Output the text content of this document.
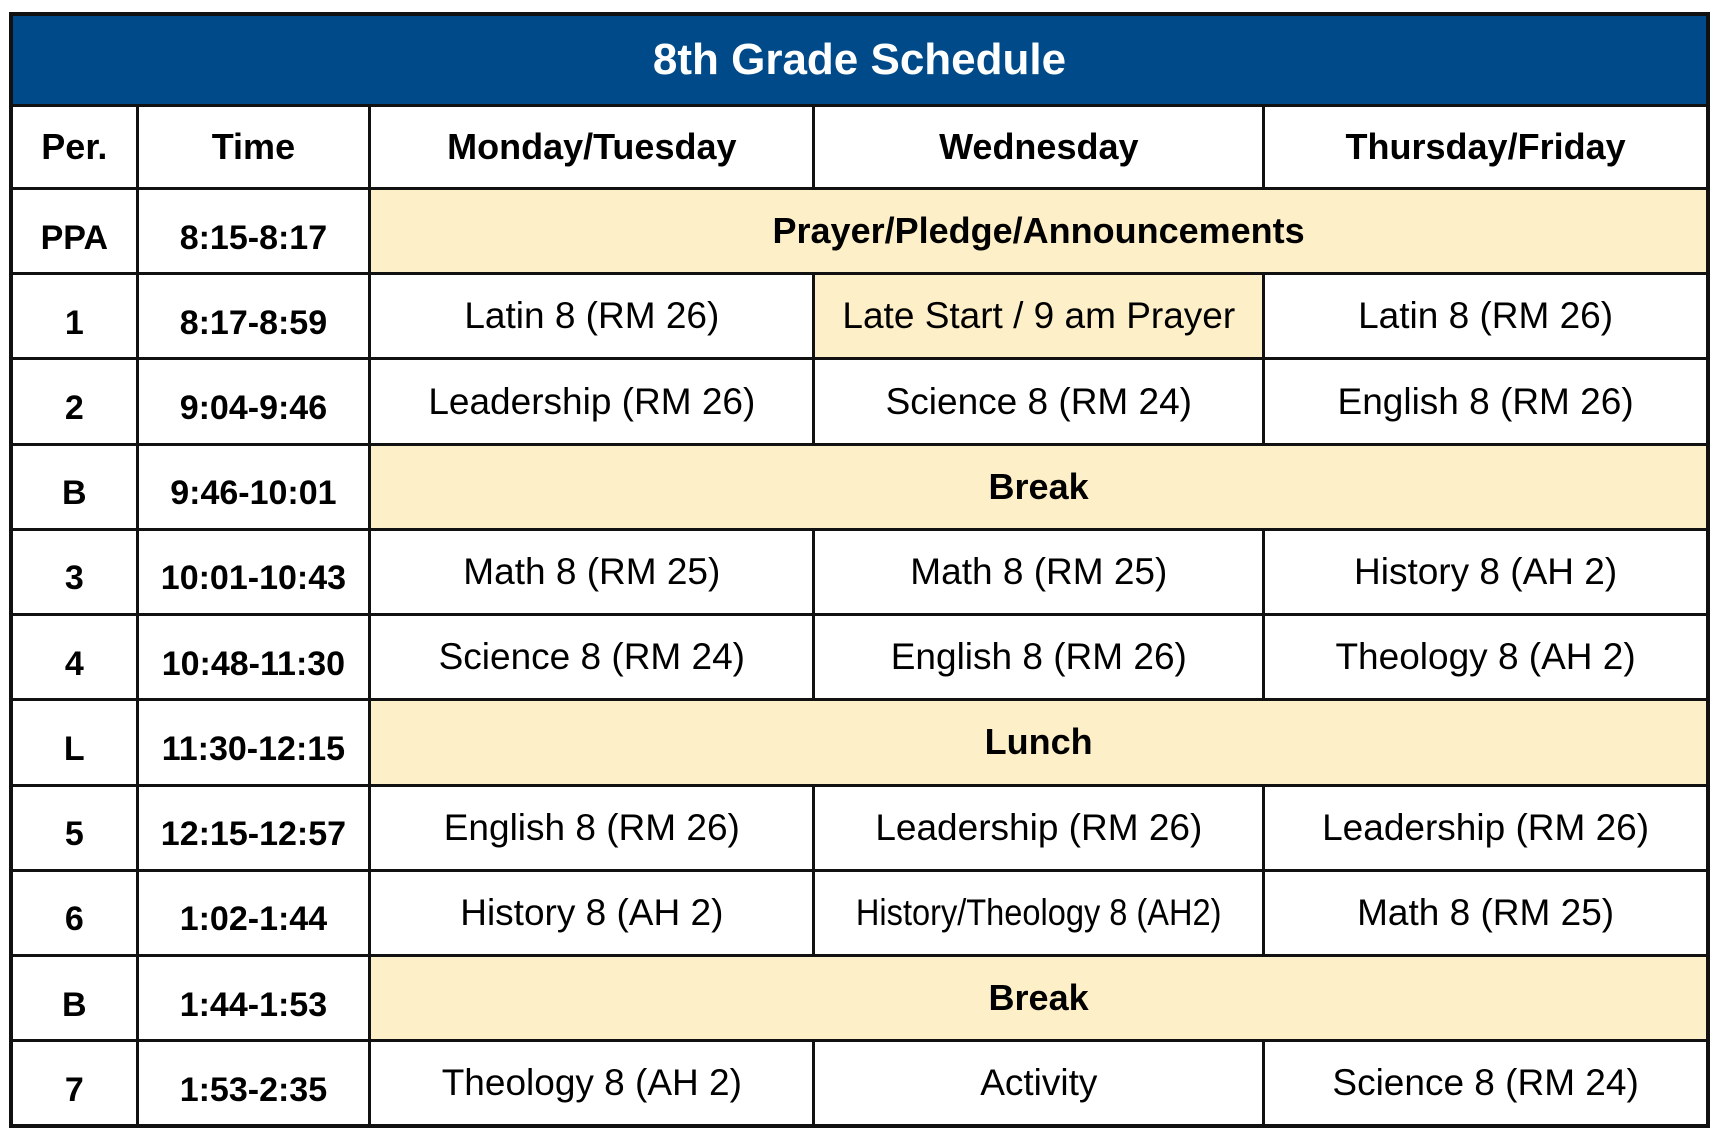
8th Grade Schedule				
Per.	Time	Monday/Tuesday	Wednesday	Thursday/Friday
PPA	8:15-8:17	Prayer/Pledge/Announcements		
1	8:17-8:59	Latin 8 (RM 26)	Late Start / 9 am Prayer	Latin 8 (RM 26)
2	9:04-9:46	Leadership (RM 26)	Science 8 (RM 24)	English 8 (RM 26)
B	9:46-10:01	Break		
3	10:01-10:43	Math 8 (RM 25)	Math 8 (RM 25)	History 8 (AH 2)
4	10:48-11:30	Science 8 (RM 24)	English 8 (RM 26)	Theology 8 (AH 2)
L	11:30-12:15	Lunch		
5	12:15-12:57	English 8 (RM 26)	Leadership (RM 26)	Leadership (RM 26)
6	1:02-1:44	History 8 (AH 2)	History/Theology 8 (AH2)	Math 8 (RM 25)
B	1:44-1:53	Break		
7	1:53-2:35	Theology 8 (AH 2)	Activity	Science 8 (RM 24)
